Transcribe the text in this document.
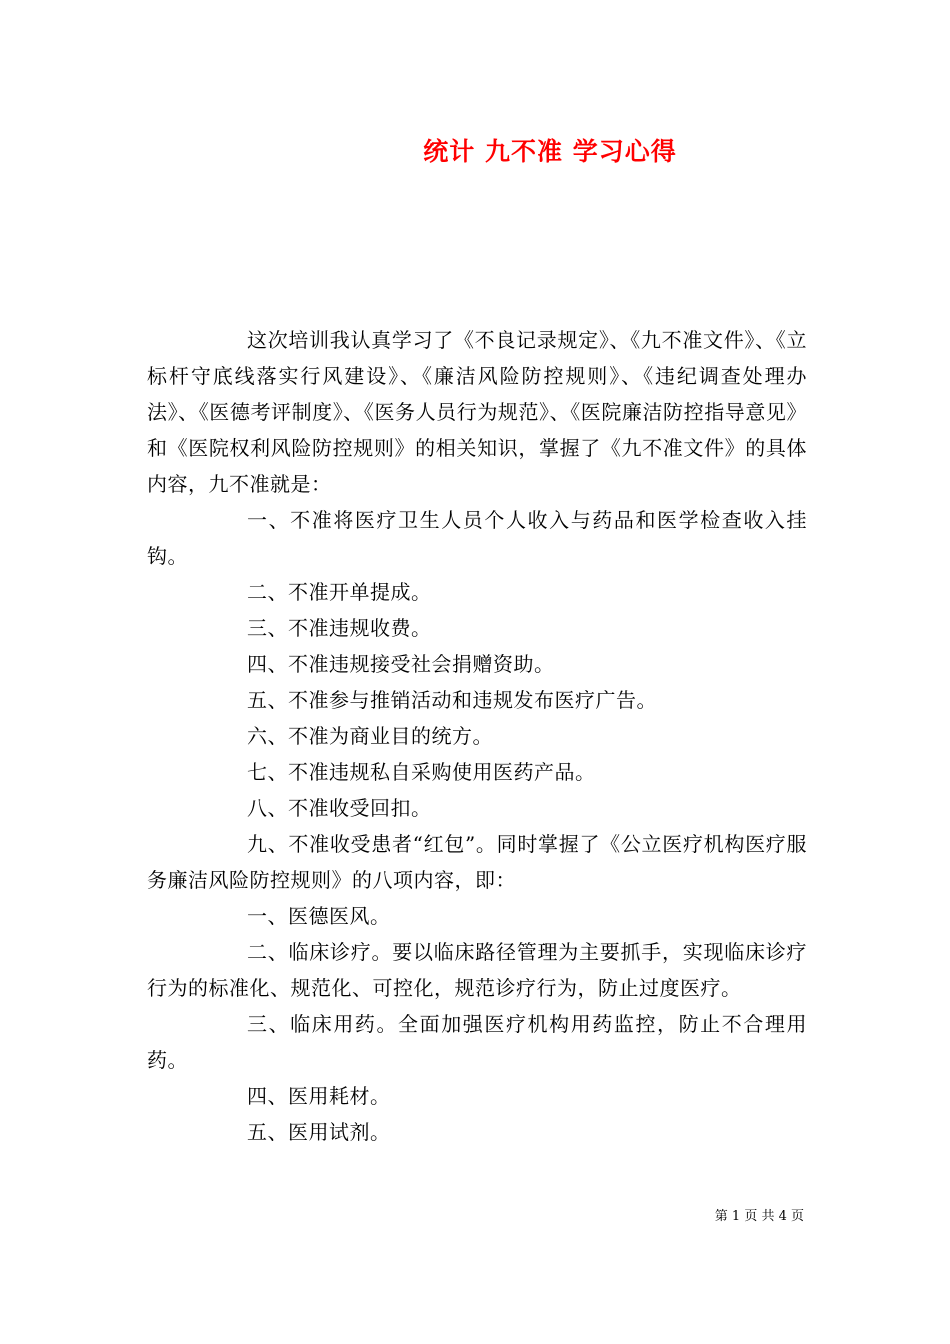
统计 九不准 学习心得

这次培训我认真学习了《不良记录规定》、《九不准文件》、《立标杆守底线落实行风建设》、《廉洁风险防控规则》、《违纪调查处理办法》、《医德考评制度》、《医务人员行为规范》、《医院廉洁防控指导意见》和《医院权利风险防控规则》的相关知识，掌握了《九不准文件》的具体内容，九不准就是：

一、不准将医疗卫生人员个人收入与药品和医学检查收入挂钩。

二、不准开单提成。

三、不准违规收费。

四、不准违规接受社会捐赠资助。

五、不准参与推销活动和违规发布医疗广告。

六、不准为商业目的统方。

七、不准违规私自采购使用医药产品。

八、不准收受回扣。

九、不准收受患者“红包”。同时掌握了《公立医疗机构医疗服务廉洁风险防控规则》的八项内容，即：

一、医德医风。

二、临床诊疗。要以临床路径管理为主要抓手，实现临床诊疗行为的标准化、规范化、可控化，规范诊疗行为，防止过度医疗。

三、临床用药。全面加强医疗机构用药监控，防止不合理用药。

四、医用耗材。

五、医用试剂。

第 1 页 共 4 页
